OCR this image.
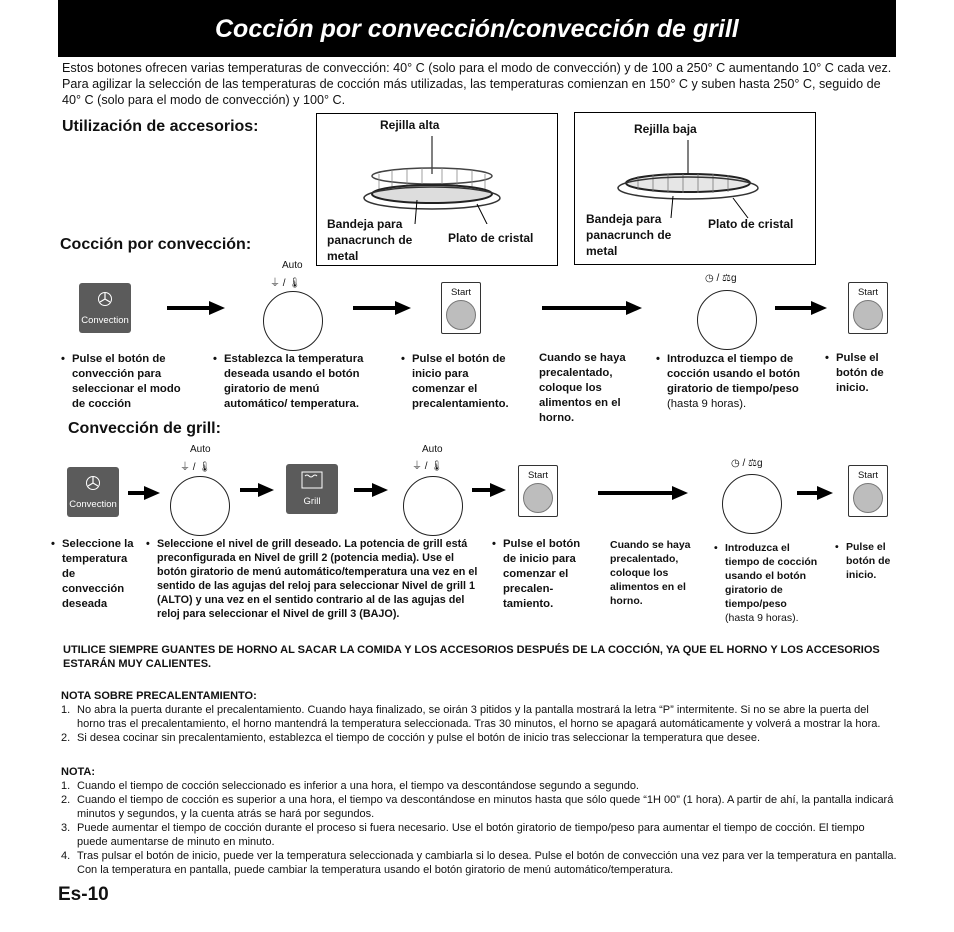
Cocción por convección/convección de grill
Estos botones ofrecen varias temperaturas de convección: 40° C (solo para el modo de convección) y de 100 a 250° C aumentando 10° C cada vez. Para agilizar la selección de las temperaturas de cocción más utilizadas, las temperaturas comienzan en 150° C y suben hasta 250° C, seguido de 40° C (solo para el modo de convección) y 100° C.
Utilización de accesorios:	Rejilla alta
Bandeja para panacrunch de metal
Plato de cristal
Rejilla baja
Bandeja para panacrunch de metal
Plato de cristal
Cocción por convección:
Convection
Auto
⏚ / 🌡
Start
◷ / ⚖g
Start
• Pulse el botón de convección para seleccionar el modo de cocción
• Establezca la temperatura deseada usando el botón giratorio de menú automático/ temperatura.
• Pulse el botón de inicio para comenzar el precalentamiento.
Cuando se haya precalentado, coloque los alimentos en el horno.
• Introduzca el tiempo de cocción usando el botón giratorio de tiempo/peso
(hasta 9 horas).
• Pulse el botón de inicio.
Convección de grill:
Convection
Auto
⏚ / 🌡
Grill
Auto
⏚ / 🌡
Start
◷ / ⚖g
Start
• Seleccione la temperatura de convección deseada
• Seleccione el nivel de grill deseado. La potencia de grill está preconfigurada en Nivel de grill 2 (potencia media). Use el botón giratorio de menú automático/temperatura una vez en el sentido de las agujas del reloj para seleccionar Nivel de grill 1 (ALTO) y una vez en el sentido contrario al de las agujas del reloj para seleccionar el Nivel de grill 3 (BAJO).
• Pulse el botón de inicio para comenzar el precalen-tamiento.
Cuando se haya precalentado, coloque los alimentos en el horno.
• Introduzca el tiempo de cocción usando el botón giratorio de tiempo/peso
(hasta 9 horas).
• Pulse el botón de inicio.
UTILICE SIEMPRE GUANTES DE HORNO AL SACAR LA COMIDA Y LOS ACCESORIOS DESPUÉS DE LA COCCIÓN, YA QUE EL HORNO Y LOS ACCESORIOS ESTARÁN MUY CALIENTES.
NOTA SOBRE PRECALENTAMIENTO:
1. No abra la puerta durante el precalentamiento. Cuando haya finalizado, se oirán 3 pitidos y la pantalla mostrará la letra “P” intermitente. Si no se abre la puerta del horno tras el precalentamiento, el horno mantendrá la temperatura seleccionada. Tras 30 minutos, el horno se apagará automáticamente y volverá a mostrar la hora.
2. Si desea cocinar sin precalentamiento, establezca el tiempo de cocción y pulse el botón de inicio tras seleccionar la temperatura que desee.
NOTA:
1. Cuando el tiempo de cocción seleccionado es inferior a una hora, el tiempo va descontándose segundo a segundo.
2. Cuando el tiempo de cocción es superior a una hora, el tiempo va descontándose en minutos hasta que sólo quede “1H 00” (1 hora). A partir de ahí, la pantalla indicará minutos y segundos, y la cuenta atrás se hará por segundos.
3. Puede aumentar el tiempo de cocción durante el proceso si fuera necesario. Use el botón giratorio de tiempo/peso para aumentar el tiempo de cocción. El tiempo puede aumentarse de minuto en minuto.
4. Tras pulsar el botón de inicio, puede ver la temperatura seleccionada y cambiarla si lo desea. Pulse el botón de convección una vez para ver la temperatura en pantalla. Con la temperatura en pantalla, puede cambiar la temperatura usando el botón giratorio de menú automático/temperatura.
Es-10
